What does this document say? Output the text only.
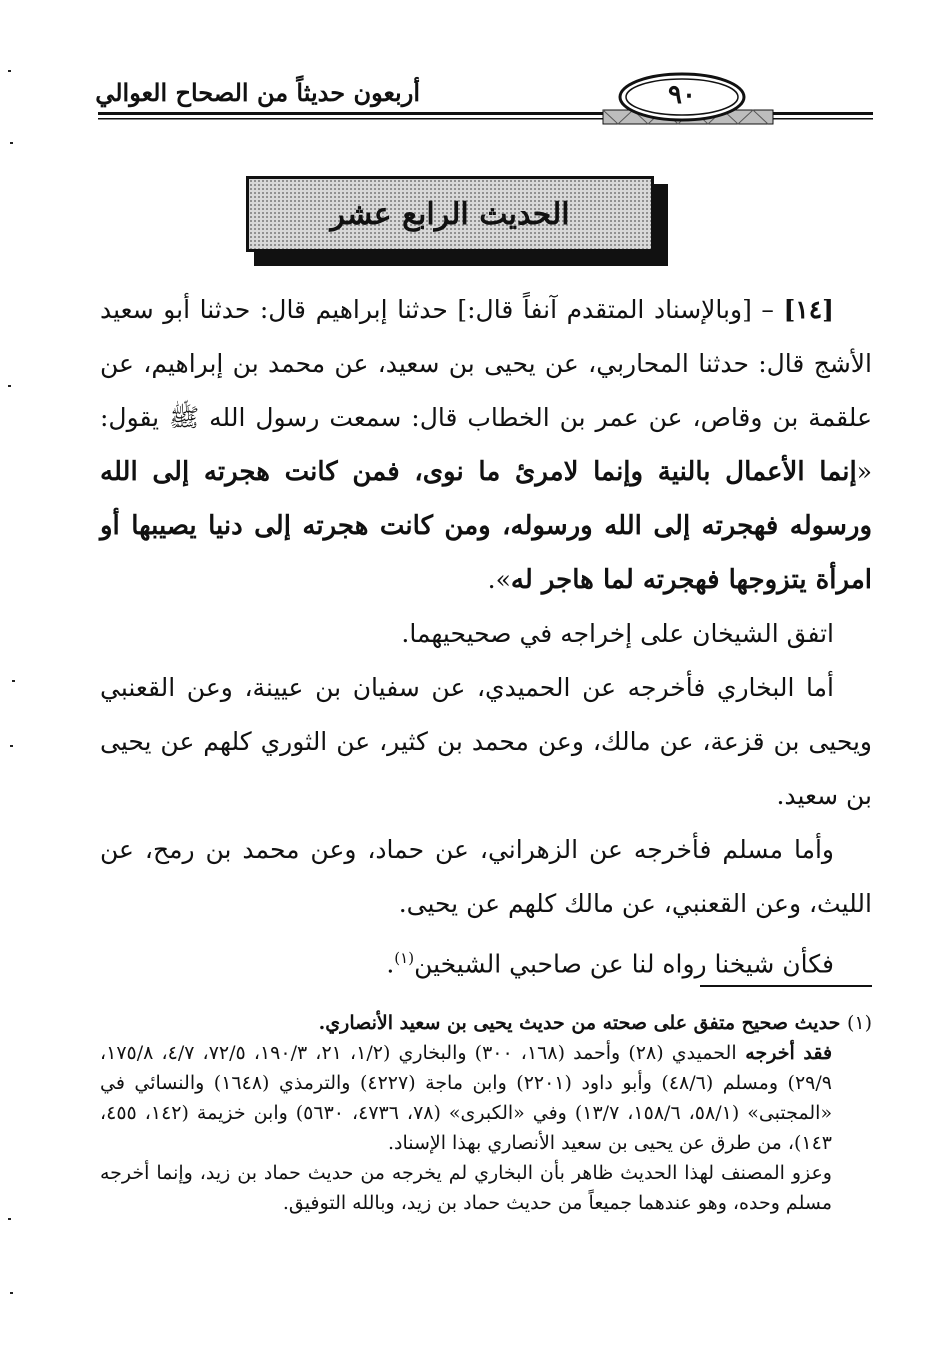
أربعون حديثاً من الصحاح العوالي	٩٠
الحديث الرابع عشر

[١٤] – [وبالإسناد المتقدم آنفاً قال:] حدثنا إبراهيم قال: حدثنا أبو سعيد الأشج قال: حدثنا المحاربي، عن يحيى بن سعيد، عن محمد بن إبراهيم، عن علقمة بن وقاص، عن عمر بن الخطاب قال: سمعت رسول الله ﷺ يقول: «إنما الأعمال بالنية وإنما لامرئ ما نوى، فمن كانت هجرته إلى الله ورسوله فهجرته إلى الله ورسوله، ومن كانت هجرته إلى دنيا يصيبها أو امرأة يتزوجها فهجرته لما هاجر له».

اتفق الشيخان على إخراجه في صحيحيهما.

أما البخاري فأخرجه عن الحميدي، عن سفيان بن عيينة، وعن القعنبي ويحيى بن قزعة، عن مالك، وعن محمد بن كثير، عن الثوري كلهم عن يحيى بن سعيد.

وأما مسلم فأخرجه عن الزهراني، عن حماد، وعن محمد بن رمح، عن الليث، وعن القعنبي، عن مالك كلهم عن يحيى.

فكأن شيخنا رواه لنا عن صاحبي الشيخين$^{(١)}$.

(١) حديث صحيح متفق على صحته من حديث يحيى بن سعيد الأنصاري.

فقد أخرجه الحميدي (٢٨) وأحمد (١٦٨، ٣٠٠) والبخاري (١/٢، ٢١، ١٩٠/٣، ٧٢/٥، ٤/٧، ١٧٥/٨، ٢٩/٩) ومسلم (٤٨/٦) وأبو داود (٢٢٠١) وابن ماجة (٤٢٢٧) والترمذي (١٦٤٨) والنسائي في «المجتبى» (٥٨/١، ١٥٨/٦، ١٣/٧) وفي «الكبرى» (٧٨، ٤٧٣٦، ٥٦٣٠) وابن خزيمة (١٤٢، ٤٥٥، ١٤٣)، من طرق عن يحيى بن سعيد الأنصاري بهذا الإسناد.

وعزو المصنف لهذا الحديث ظاهر بأن البخاري لم يخرجه من حديث حماد بن زيد، وإنما أخرجه مسلم وحده، وهو عندهما جميعاً من حديث حماد بن زيد، وبالله التوفيق.
